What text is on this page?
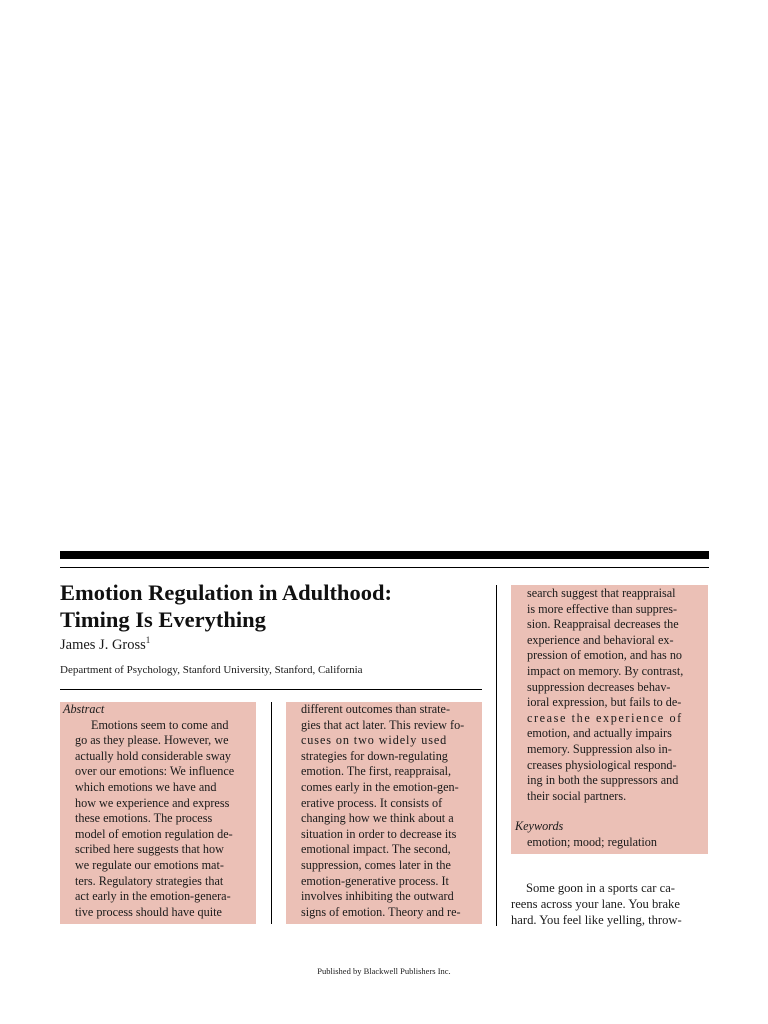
Emotion Regulation in Adulthood:
Timing Is Everything
James J. Gross$^1$
Department of Psychology, Stanford University, Stanford, California
Abstract
Emotions seem to come and
go as they please. However, we
actually hold considerable sway
over our emotions: We influence
which emotions we have and
how we experience and express
these emotions. The process
model of emotion regulation de-
scribed here suggests that how
we regulate our emotions mat-
ters. Regulatory strategies that
act early in the emotion-genera-
tive process should have quite
different outcomes than strate-
gies that act later. This review fo-
cuses on two widely used
strategies for down-regulating
emotion. The first, reappraisal,
comes early in the emotion-gen-
erative process. It consists of
changing how we think about a
situation in order to decrease its
emotional impact. The second,
suppression, comes later in the
emotion-generative process. It
involves inhibiting the outward
signs of emotion. Theory and re-
search suggest that reappraisal
is more effective than suppres-
sion. Reappraisal decreases the
experience and behavioral ex-
pression of emotion, and has no
impact on memory. By contrast,
suppression decreases behav-
ioral expression, but fails to de-
crease the experience of
emotion, and actually impairs
memory. Suppression also in-
creases physiological respond-
ing in both the suppressors and
their social partners.
Keywords
emotion; mood; regulation
Some goon in a sports car ca-
reens across your lane. You brake
hard. You feel like yelling, throw-
Published by Blackwell Publishers Inc.
